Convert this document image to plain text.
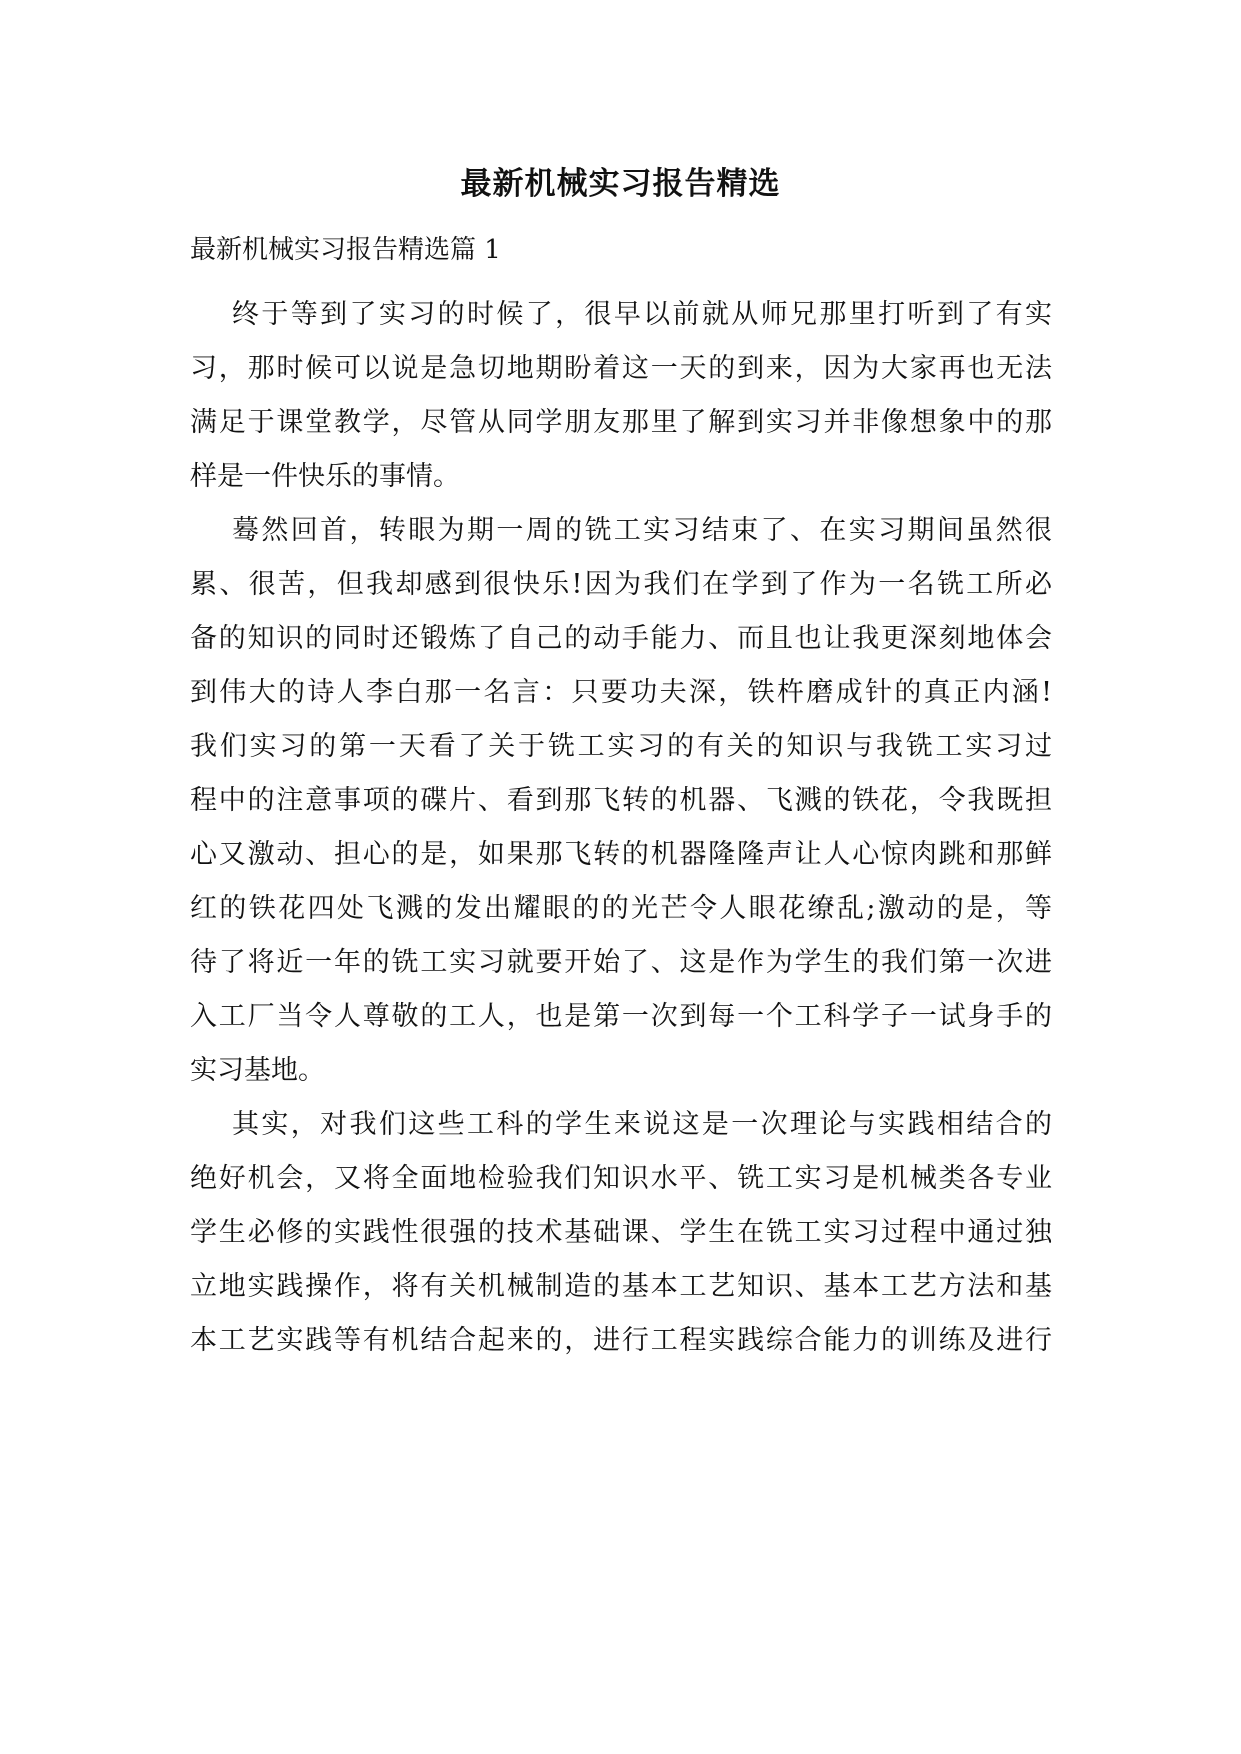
最新机械实习报告精选
最新机械实习报告精选篇 1
终于等到了实习的时候了，很早以前就从师兄那里打听到了有实
习，那时候可以说是急切地期盼着这一天的到来，因为大家再也无法
满足于课堂教学，尽管从同学朋友那里了解到实习并非像想象中的那
样是一件快乐的事情。
蓦然回首，转眼为期一周的铣工实习结束了、在实习期间虽然很
累、很苦，但我却感到很快乐!因为我们在学到了作为一名铣工所必
备的知识的同时还锻炼了自己的动手能力、而且也让我更深刻地体会
到伟大的诗人李白那一名言：只要功夫深，铁杵磨成针的真正内涵!
我们实习的第一天看了关于铣工实习的有关的知识与我铣工实习过
程中的注意事项的碟片、看到那飞转的机器、飞溅的铁花，令我既担
心又激动、担心的是，如果那飞转的机器隆隆声让人心惊肉跳和那鲜
红的铁花四处飞溅的发出耀眼的的光芒令人眼花缭乱;激动的是，等
待了将近一年的铣工实习就要开始了、这是作为学生的我们第一次进
入工厂当令人尊敬的工人，也是第一次到每一个工科学子一试身手的
实习基地。
其实，对我们这些工科的学生来说这是一次理论与实践相结合的
绝好机会，又将全面地检验我们知识水平、铣工实习是机械类各专业
学生必修的实践性很强的技术基础课、学生在铣工实习过程中通过独
立地实践操作，将有关机械制造的基本工艺知识、基本工艺方法和基
本工艺实践等有机结合起来的，进行工程实践综合能力的训练及进行
